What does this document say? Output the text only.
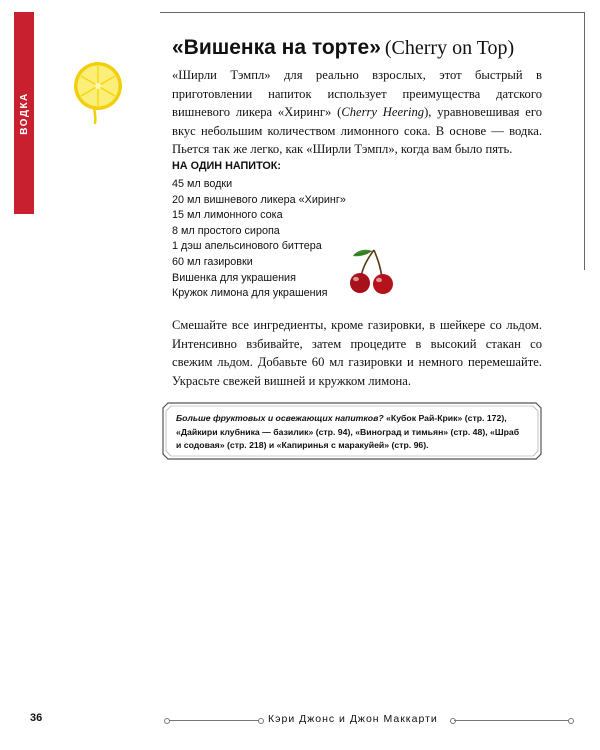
ВОДКА
«Вишенка на торте» (Cherry on Top)

«Ширли Тэмпл» для реально взрослых, этот быстрый в приготовлении напиток использует преимущества датского вишневого ликера «Хиринг» (Cherry Heering), уравновешивая его вкус небольшим количеством лимонного сока. В основе — водка. Пьется так же легко, как «Ширли Тэмпл», когда вам было пять.

НА ОДИН НАПИТОК:

45 мл водки
20 мл вишневого ликера «Хиринг»
15 мл лимонного сока
8 мл простого сиропа
1 дэш апельсинового биттера
60 мл газировки
Вишенка для украшения
Кружок лимона для украшения

Смешайте все ингредиенты, кроме газировки, в шейкере со льдом. Интенсивно взбивайте, затем процедите в высокий стакан со свежим льдом. Добавьте 60 мл газировки и немного перемешайте. Украсьте свежей вишней и кружком лимона.

Больше фруктовых и освежающих напитков? «Кубок Рай-Крик» (стр. 172), «Дайкири клубника — базилик» (стр. 94), «Виноград и тимьян» (стр. 48), «Шраб и содовая» (стр. 218) и «Капиринья с маракуйей» (стр. 96).

36	Кэри Джонс и Джон Маккарти
